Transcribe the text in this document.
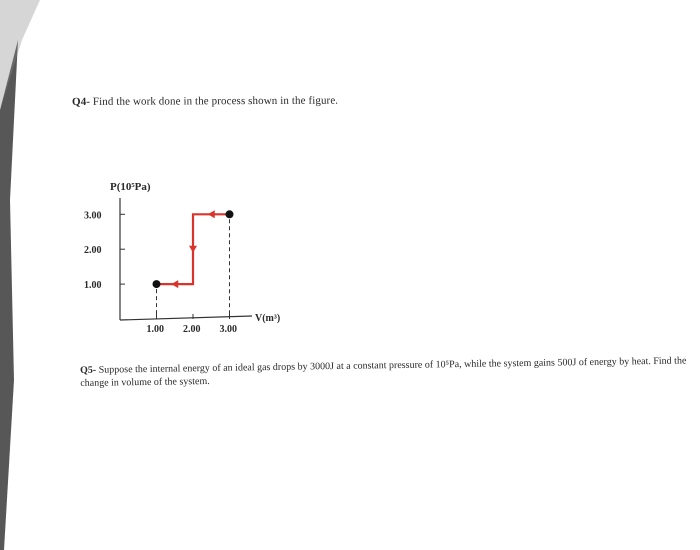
Q4- Find the work done in the process shown in the figure.
1.00
2.00
3.00
1.00 2.00 3.00
P(10⁵Pa)
V(m³)
Q5- Suppose the internal energy of an ideal gas drops by 3000J at a constant pressure of 10⁵Pa, while the system gains 500J of energy by heat. Find the change in volume of the system.
